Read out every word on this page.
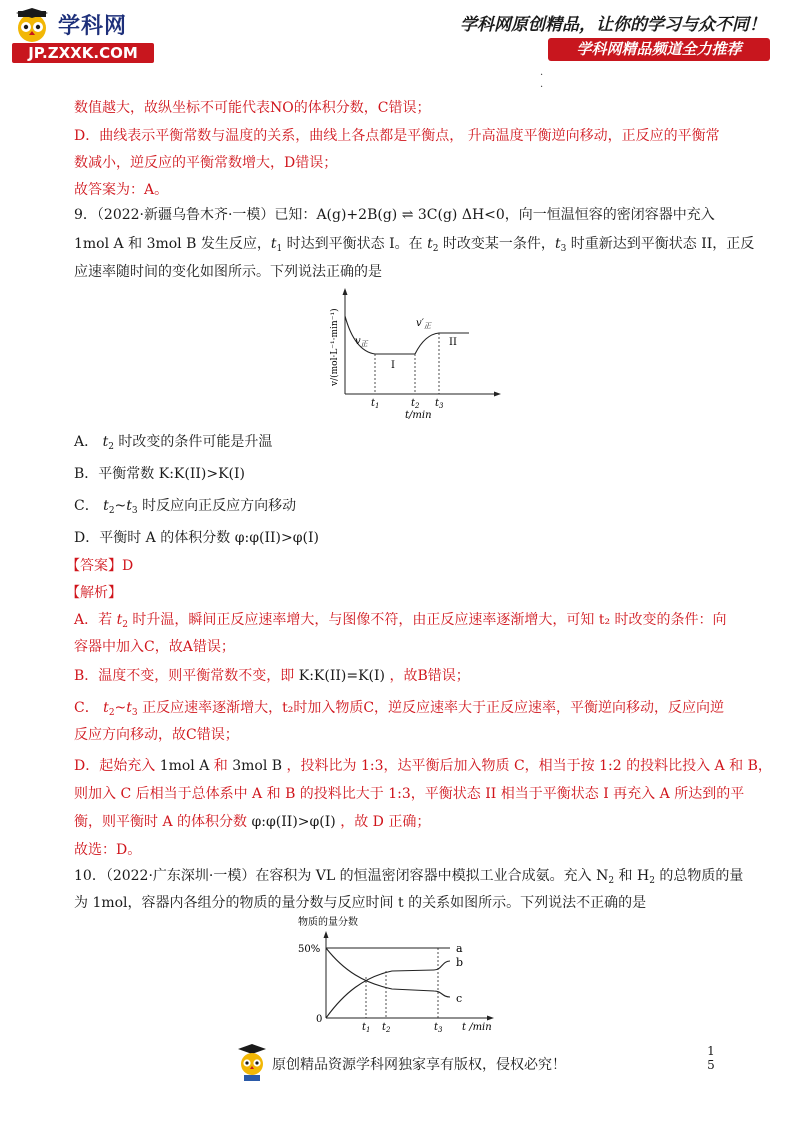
学科网
JP.ZXXK.COM
学科网原创精品，让你的学习与众不同！
学科网精品频道全力推荐
·
·
数值越大，故纵坐标不可能代表NO的体积分数，C错误；
D．曲线表示平衡常数与温度的关系，曲线上各点都是平衡点， 升高温度平衡逆向移动，正反应的平衡常
数减小，逆反应的平衡常数增大，D错误；
故答案为：A。
9．（2022·新疆乌鲁木齐·一模）已知：A(g)+2B(g) ⇌ 3C(g) ΔH<0，向一恒温恒容的密闭容器中充入
1mol A 和 3mol B 发生反应，$t_1$ 时达到平衡状态 I。在 $t_2$ 时改变某一条件，$t_3$ 时重新达到平衡状态 II，正反
应速率随时间的变化如图所示。下列说法正确的是
v/(mol·L⁻¹·min⁻¹) $v_正$
$v'_正$
I
II
$t_1$	$t_2$ $t_3$
t/min
A． $t_2$ 时改变的条件可能是升温
B．平衡常数 K:K(II)>K(I)
C． $t_2\sim t_3$ 时反应向正反应方向移动
D．平衡时 A 的体积分数 φ:φ(II)>φ(I)
【答案】D
【解析】
A．若 $t_2$ 时升温，瞬间正反应速率增大，与图像不符，由正反应速率逐渐增大，可知 t₂ 时改变的条件：向
容器中加入C，故A错误；
B．温度不变，则平衡常数不变，即 K:K(II)=K(I) ，故B错误；
C． $t_2\sim t_3$ 正反应速率逐渐增大，t₂时加入物质C，逆反应速率大于正反应速率，平衡逆向移动，反应向逆
反应方向移动，故C错误；
D．起始充入 1mol A 和 3mol B ，投料比为 1:3，达平衡后加入物质 C，相当于按 1:2 的投料比投入 A 和 B，
则加入 C 后相当于总体系中 A 和 B 的投料比大于 1:3，平衡状态 II 相当于平衡状态 I 再充入 A 所达到的平
衡，则平衡时 A 的体积分数 φ:φ(II)>φ(I) ，故 D 正确；
故选：D。
10．（2022·广东深圳·一模）在容积为 VL 的恒温密闭容器中模拟工业合成氨。充入 $N_2$ 和 $H_2$ 的总物质的量
为 1mol，容器内各组分的物质的量分数与反应时间 t 的关系如图所示。下列说法不正确的是
物质的量分数
50%
0
a
b
c
$t_1$ $t_2$	$t_3$ t /min
原创精品资源学科网独家享有版权，侵权必究！
1
5
